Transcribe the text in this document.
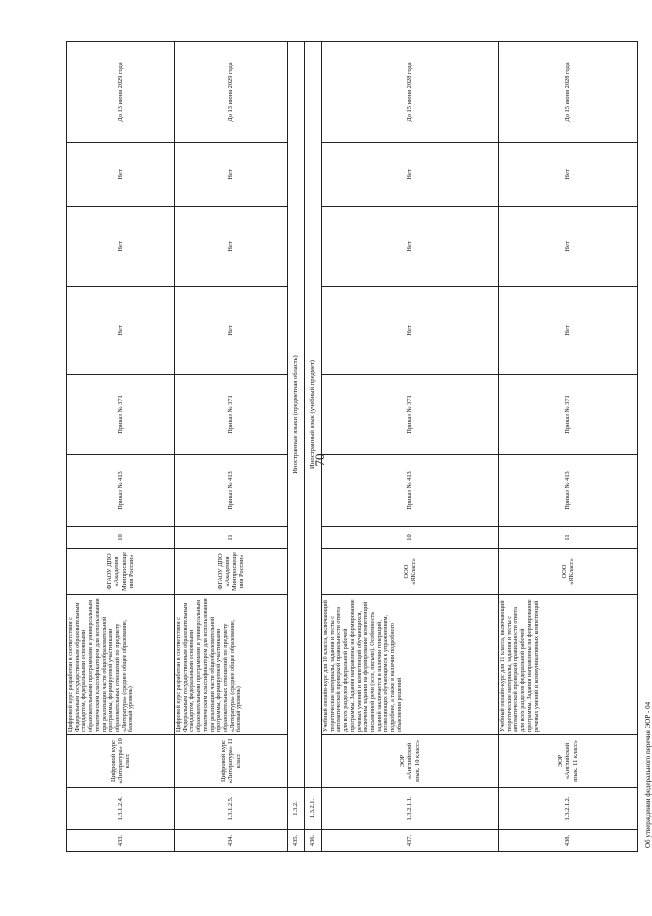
70
433.	1.3.1.2.4.	Цифровой курс «Литература» 10 класс	Цифровой курс разработан в соответствии с Федеральным государственным образовательным стандартом, федеральными основными образовательными программами и универсальным тематическим классификатором для использования при реализации части общеобразовательной программы, формируемой участниками образовательных отношений по предмету «Литература» (среднее общее образование, базовый уровень)	ФГАОУ ДПО «Академия Минпросвещения России»	10	Приказ № 413	Приказ № 371	Нет	Нет	Нет	До 13 июня 2029 года
434.	1.3.1.2.5.	Цифровой курс «Литература» 11 класс	Цифровой курс разработан в соответствии с Федеральным государственным образовательным стандартом, федеральными основными образовательными программами и универсальным тематическим классификатором для использования при реализации части общеобразовательной программы, формируемой участниками образовательных отношений по предмету «Литература» (среднее общее образование, базовый уровень)	ФГАОУ ДПО «Академия Минпросвещения России»	11	Приказ № 413	Приказ № 371	Нет	Нет	Нет	До 13 июня 2029 года
435.	1.3.2.	Иностранные языки (предметная область)									
436.	1.3.2.1.	Иностранный язык (учебный предмет)									
437.	1.3.2.1.1.	ЭОР «Английский язык. 10 класс»	Учебный онлайн-курс для 10 класса, включающий теоретические материалы, задания и тесты с автоматической проверкой правильности ответа для всех разделов федеральной рабочей программы. Задания направлены на формирование речевых умений и компетенций обучающихся, включены задания на формирование компетенций письменной речи (эссе, письмо). Особенность заданий заключается в наличии генераций, позволяющих обучающимся к упражнениям, подробнее, а также в наличии подробного объяснения решений	ООО «ЯКласс»	10	Приказ № 413	Приказ № 371	Нет	Нет	Нет	До 15 июня 2028 года
438.	1.3.2.1.2.	ЭОР «Английский язык. 11 класс»	Учебный онлайн-курс для 11 класса, включающий теоретические материалы, задания и тесты с автоматической проверкой правильности ответа для всех разделов федеральной рабочей программы. Задания направлены на формирование речевых умений и коммуникативных компетенций	ООО «ЯКласс»	11	Приказ № 413	Приказ № 371	Нет	Нет	Нет	До 15 июня 2028 года
Об утверждении федерального перечня ЭОР - 04
